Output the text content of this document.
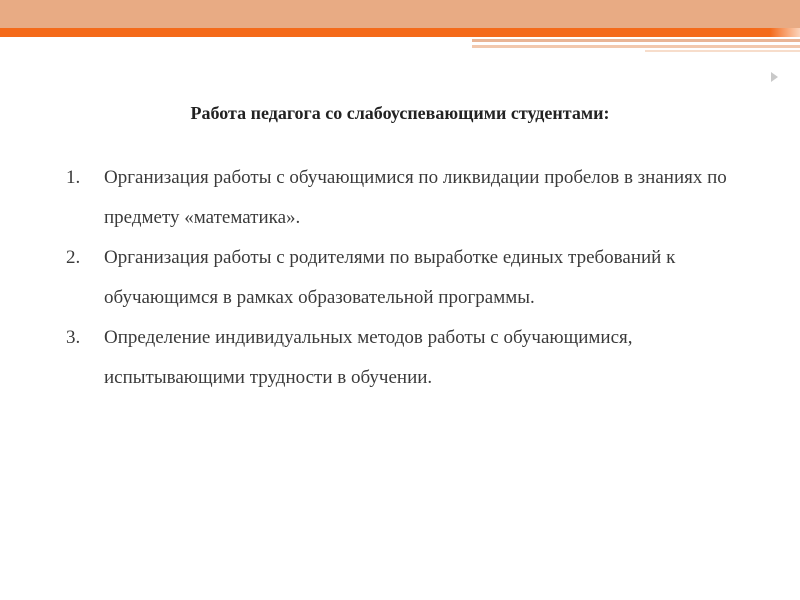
Работа педагога со слабоуспевающими студентами:
1. Организация работы с обучающимися по ликвидации пробелов в знаниях по предмету «математика».
2. Организация работы с родителями по выработке единых требований к обучающимся в рамках образовательной программы.
3. Определение индивидуальных методов работы с обучающимися, испытывающими трудности в обучении.
